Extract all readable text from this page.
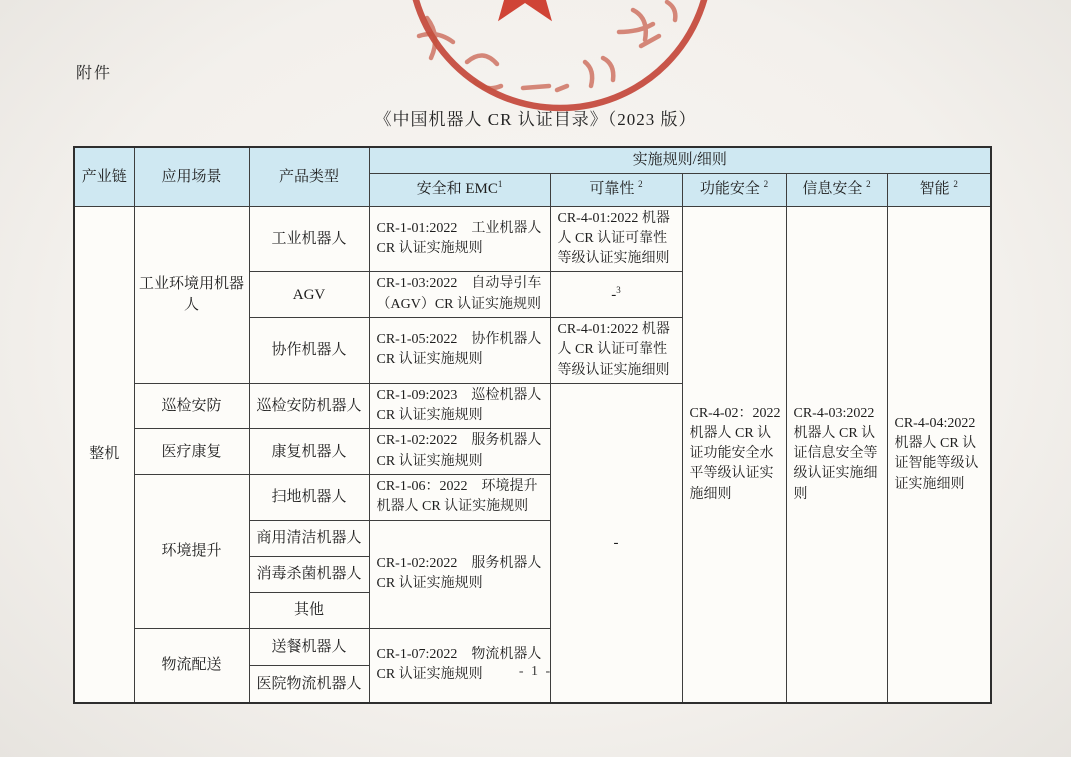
附件
《中国机器人 CR 认证目录》（2023 版）
产业链	应用场景	产品类型	实施规则/细则				
			安全和 EMC$^1$	可靠性 $^2$	功能安全 $^2$	信息安全 $^2$	智能 $^2$
整机	工业环境用机器人	工业机器人	CR-1-01:2022　工业机器人 CR 认证实施规则	CR-4-01:2022 机器人 CR 认证可靠性等级认证实施细则	CR-4-02：2022 机器人 CR 认证功能安全水平等级认证实施细则	CR-4-03:2022 机器人 CR 认证信息安全等级认证实施细则	CR-4-04:2022 机器人 CR 认证智能等级认证实施细则
		AGV	CR-1-03:2022　自动导引车（AGV）CR 认证实施规则	-$^3$
		协作机器人	CR-1-05:2022　协作机器人 CR 认证实施规则	CR-4-01:2022 机器人 CR 认证可靠性等级认证实施细则			
	巡检安防	巡检安防机器人	CR-1-09:2023　巡检机器人 CR 认证实施规则	-			
	医疗康复	康复机器人	CR-1-02:2022　服务机器人 CR 认证实施规则				
	环境提升	扫地机器人	CR-1-06：2022　环境提升机器人 CR 认证实施规则				
		商用清洁机器人	CR-1-02:2022　服务机器人 CR 认证实施规则				
		消毒杀菌机器人					
		其他					
	物流配送	送餐机器人	CR-1-07:2022　物流机器人 CR 认证实施规则				
		医院物流机器人					
- 1 -
